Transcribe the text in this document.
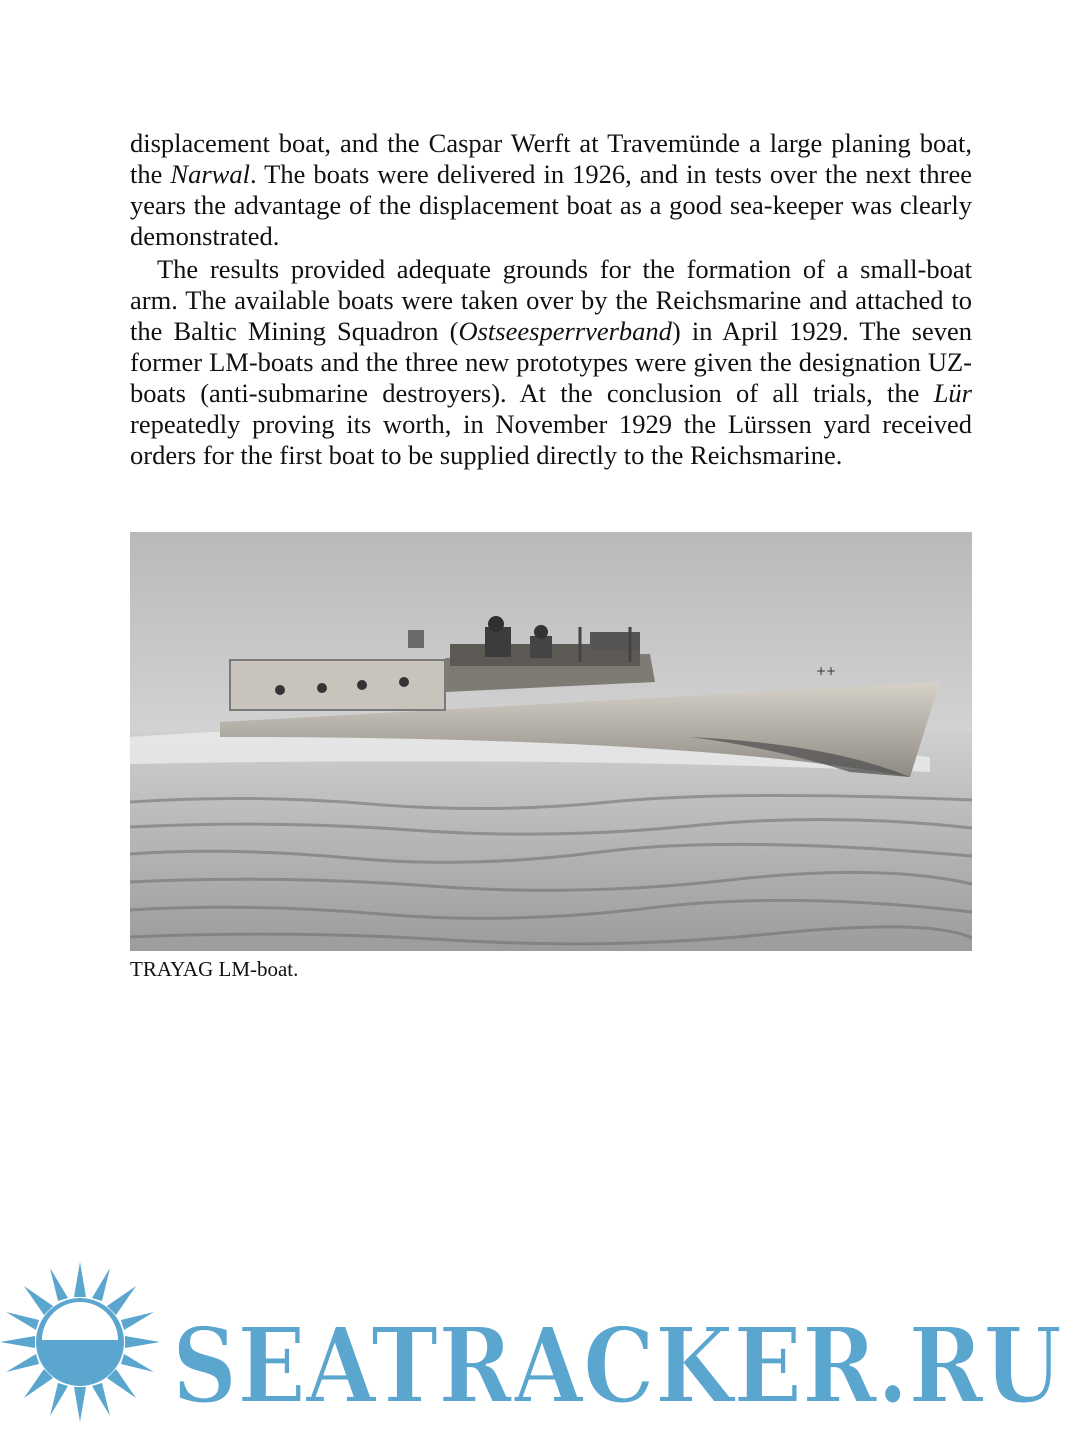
displacement boat, and the Caspar Werft at Travemünde a large planing boat, the Narwal. The boats were delivered in 1926, and in tests over the next three years the advantage of the displacement boat as a good sea-keeper was clearly demonstrated.

The results provided adequate grounds for the formation of a small-boat arm. The available boats were taken over by the Reichsmarine and attached to the Baltic Mining Squadron (Ostseesperrverband) in April 1929. The seven former LM-boats and the three new prototypes were given the designation UZ-boats (anti-submarine destroyers). At the conclusion of all trials, the Lür repeatedly proving its worth, in November 1929 the Lürssen yard received orders for the first boat to be supplied directly to the Reichsmarine.

++
TRAYAG LM-boat.
SEATRACKER.RU
